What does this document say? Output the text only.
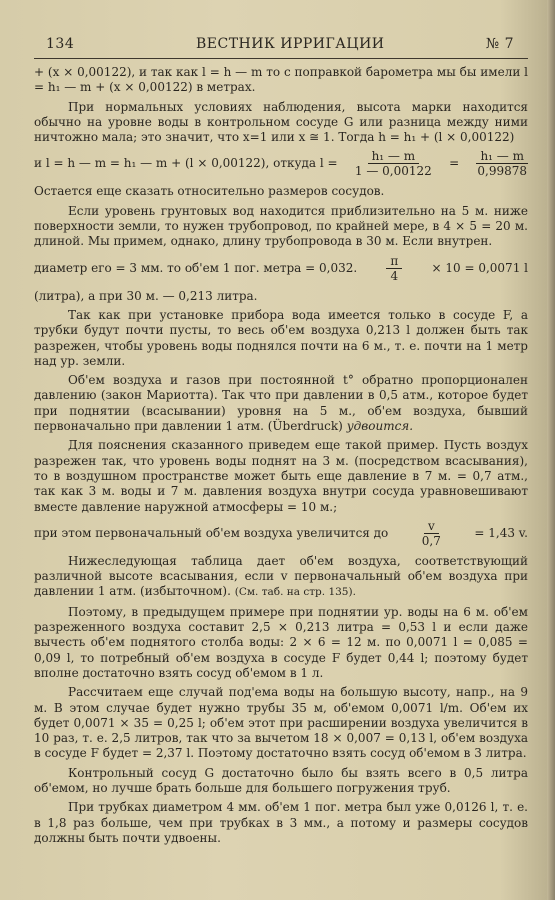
134	ВЕСТНИК ИРРИГАЦИИ	№ 7

+ (x × 0,00122), и так как l = h — m то с поправкой барометра мы бы имели l = h₁ — m + (x × 0,00122) в метрах.

При нормальных условиях наблюдения, высота марки находится обычно на уровне воды в контрольном сосуде G или разница между ними ничтожно мала; это значит, что x=1 или x ≅ 1. Тогда h = h₁ + (l × 0,00122)

и l = h — m = h₁ — m + (l × 0,00122), откуда $l = \frac{\text{h₁ — m}}{1 — 0,00122} = \frac{\text{h₁ — m}}{0,99878}$

Остается еще сказать относительно размеров сосудов.

Если уровень грунтовых вод находится приблизительно на 5 м. ниже поверхности земли, то нужен трубопровод, по крайней мере, в 4 × 5 = 20 м. длиной. Мы примем, однако, длину трубопровода в 30 м. Если внутрен.

диаметр его = 3 мм. то об'ем 1 пог. метра = 0,032. $\frac{\pi}{4} \times 10 = 0,0071$ l

(литра), а при 30 м. — 0,213 литра.

Так как при установке прибора вода имеется только в сосуде F, а трубки будут почти пусты, то весь об'ем воздуха 0,213 l должен быть так разрежен, чтобы уровень воды поднялся почти на 6 м., т. е. почти на 1 метр над ур. земли.

Об'ем воздуха и газов при постоянной t° обратно пропорционален давлению (закон Мариотта). Так что при давлении в 0,5 атм., которое будет при поднятии (всасывании) уровня на 5 м., об'ем воздуха, бывший первоначально при давлении 1 атм. (Überdruck) удвоится.

Для пояснения сказанного приведем еще такой пример. Пусть воздух разрежен так, что уровень воды поднят на 3 м. (посредством всасывания), то в воздушном пространстве может быть еще давление в 7 м. = 0,7 атм., так как 3 м. воды и 7 м. давления воздуха внутри сосуда уравновешивают вместе давление наружной атмосферы = 10 м.;

при этом первоначальный об'ем воздуха увеличится до	$\frac{v}{0,7}$	= 1,43 v.

Нижеследующая таблица дает об'ем воздуха, соответствующий различной высоте всасывания, если v первоначальный об'ем воздуха при давлении 1 атм. (избыточном). (См. таб. на стр. 135).

Поэтому, в предыдущем примере при поднятии ур. воды на 6 м. об'ем разреженного воздуха составит 2,5 × 0,213 литра = 0,53 l и если даже вычесть об'ем поднятого столба воды: 2 × 6 = 12 м. по 0,0071 l = 0,085 = 0,09 l, то потребный об'ем воздуха в сосуде F будет 0,44 l; поэтому будет вполне достаточно взять сосуд об'емом в 1 л.

Рассчитаем еще случай под'ема воды на большую высоту, напр., на 9 м. В этом случае будет нужно трубы 35 м, об'емом 0,0071 l/m. Об'ем их будет 0,0071 × 35 = 0,25 l; об'ем этот при расширении воздуха увеличится в 10 раз, т. е. 2,5 литров, так что за вычетом 18 × 0,007 = 0,13 l, об'ем воздуха в сосуде F будет = 2,37 l. Поэтому достаточно взять сосуд об'емом в 3 литра.

Контрольный сосуд G достаточно было бы взять всего в 0,5 литра об'емом, но лучше брать больше для большего погружения труб.

При трубках диаметром 4 мм. об'ем 1 пог. метра был уже 0,0126 l, т. е. в 1,8 раз больше, чем при трубках в 3 мм., а потому и размеры сосудов должны быть почти удвоены.
